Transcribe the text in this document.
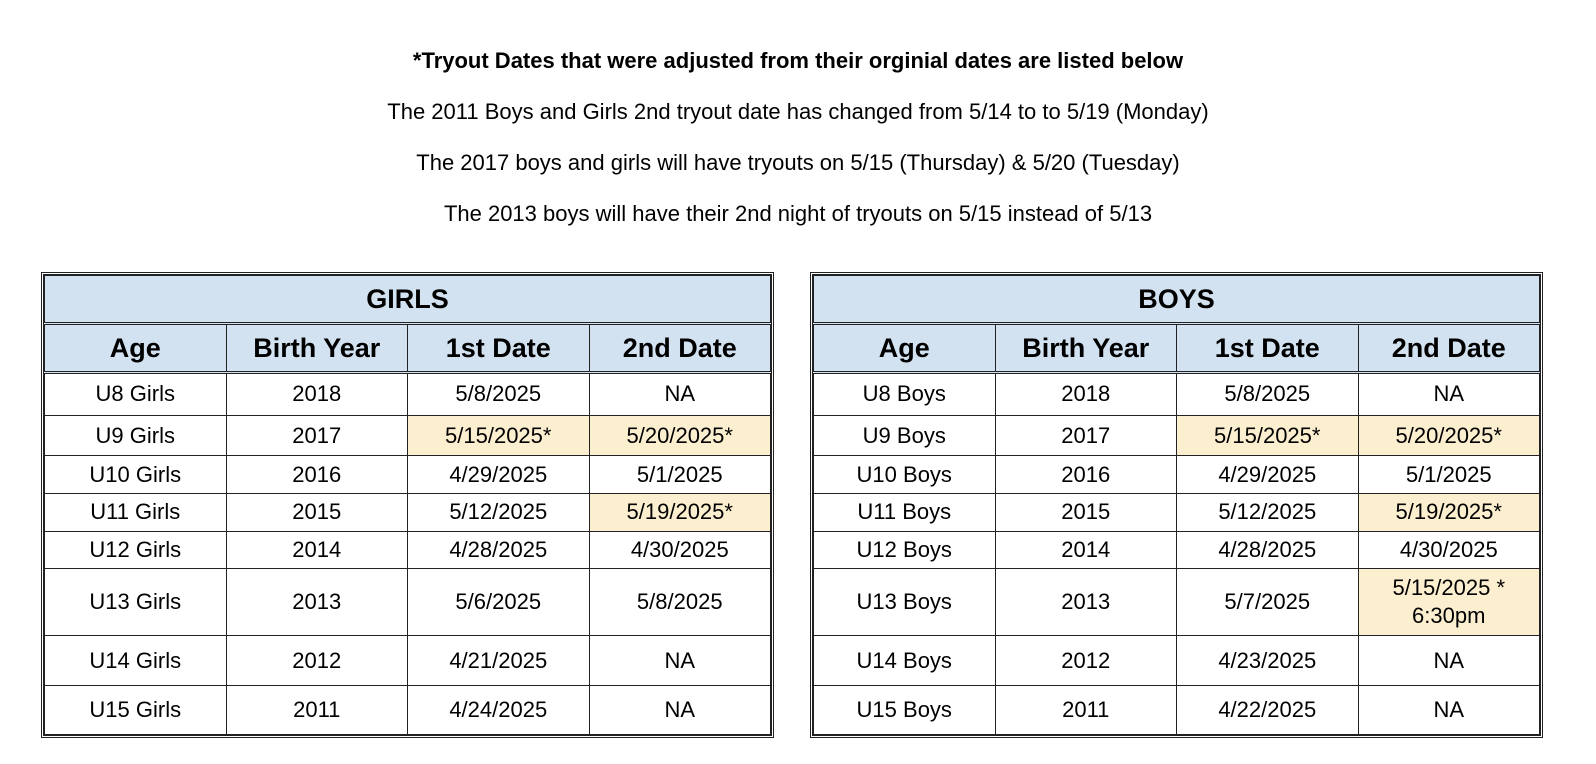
*Tryout Dates that were adjusted from their orginial dates are listed below
The 2011 Boys and Girls 2nd tryout date has changed from 5/14 to to 5/19 (Monday)
The 2017 boys and girls will have tryouts on 5/15 (Thursday) & 5/20 (Tuesday)
The 2013 boys will have their 2nd night of tryouts on 5/15 instead of 5/13
GIRLS			
Age	Birth Year	1st Date	2nd Date
U8 Girls	2018	5/8/2025	NA
U9 Girls	2017	5/15/2025*	5/20/2025*
U10 Girls	2016	4/29/2025	5/1/2025
U11 Girls	2015	5/12/2025	5/19/2025*
U12 Girls	2014	4/28/2025	4/30/2025
U13 Girls	2013	5/6/2025	5/8/2025
U14 Girls	2012	4/21/2025	NA
U15 Girls	2011	4/24/2025	NA
BOYS			
Age	Birth Year	1st Date	2nd Date
U8 Boys	2018	5/8/2025	NA
U9 Boys	2017	5/15/2025*	5/20/2025*
U10 Boys	2016	4/29/2025	5/1/2025
U11 Boys	2015	5/12/2025	5/19/2025*
U12 Boys	2014	4/28/2025	4/30/2025
U13 Boys	2013	5/7/2025	5/15/2025 * 6:30pm
U14 Boys	2012	4/23/2025	NA
U15 Boys	2011	4/22/2025	NA
